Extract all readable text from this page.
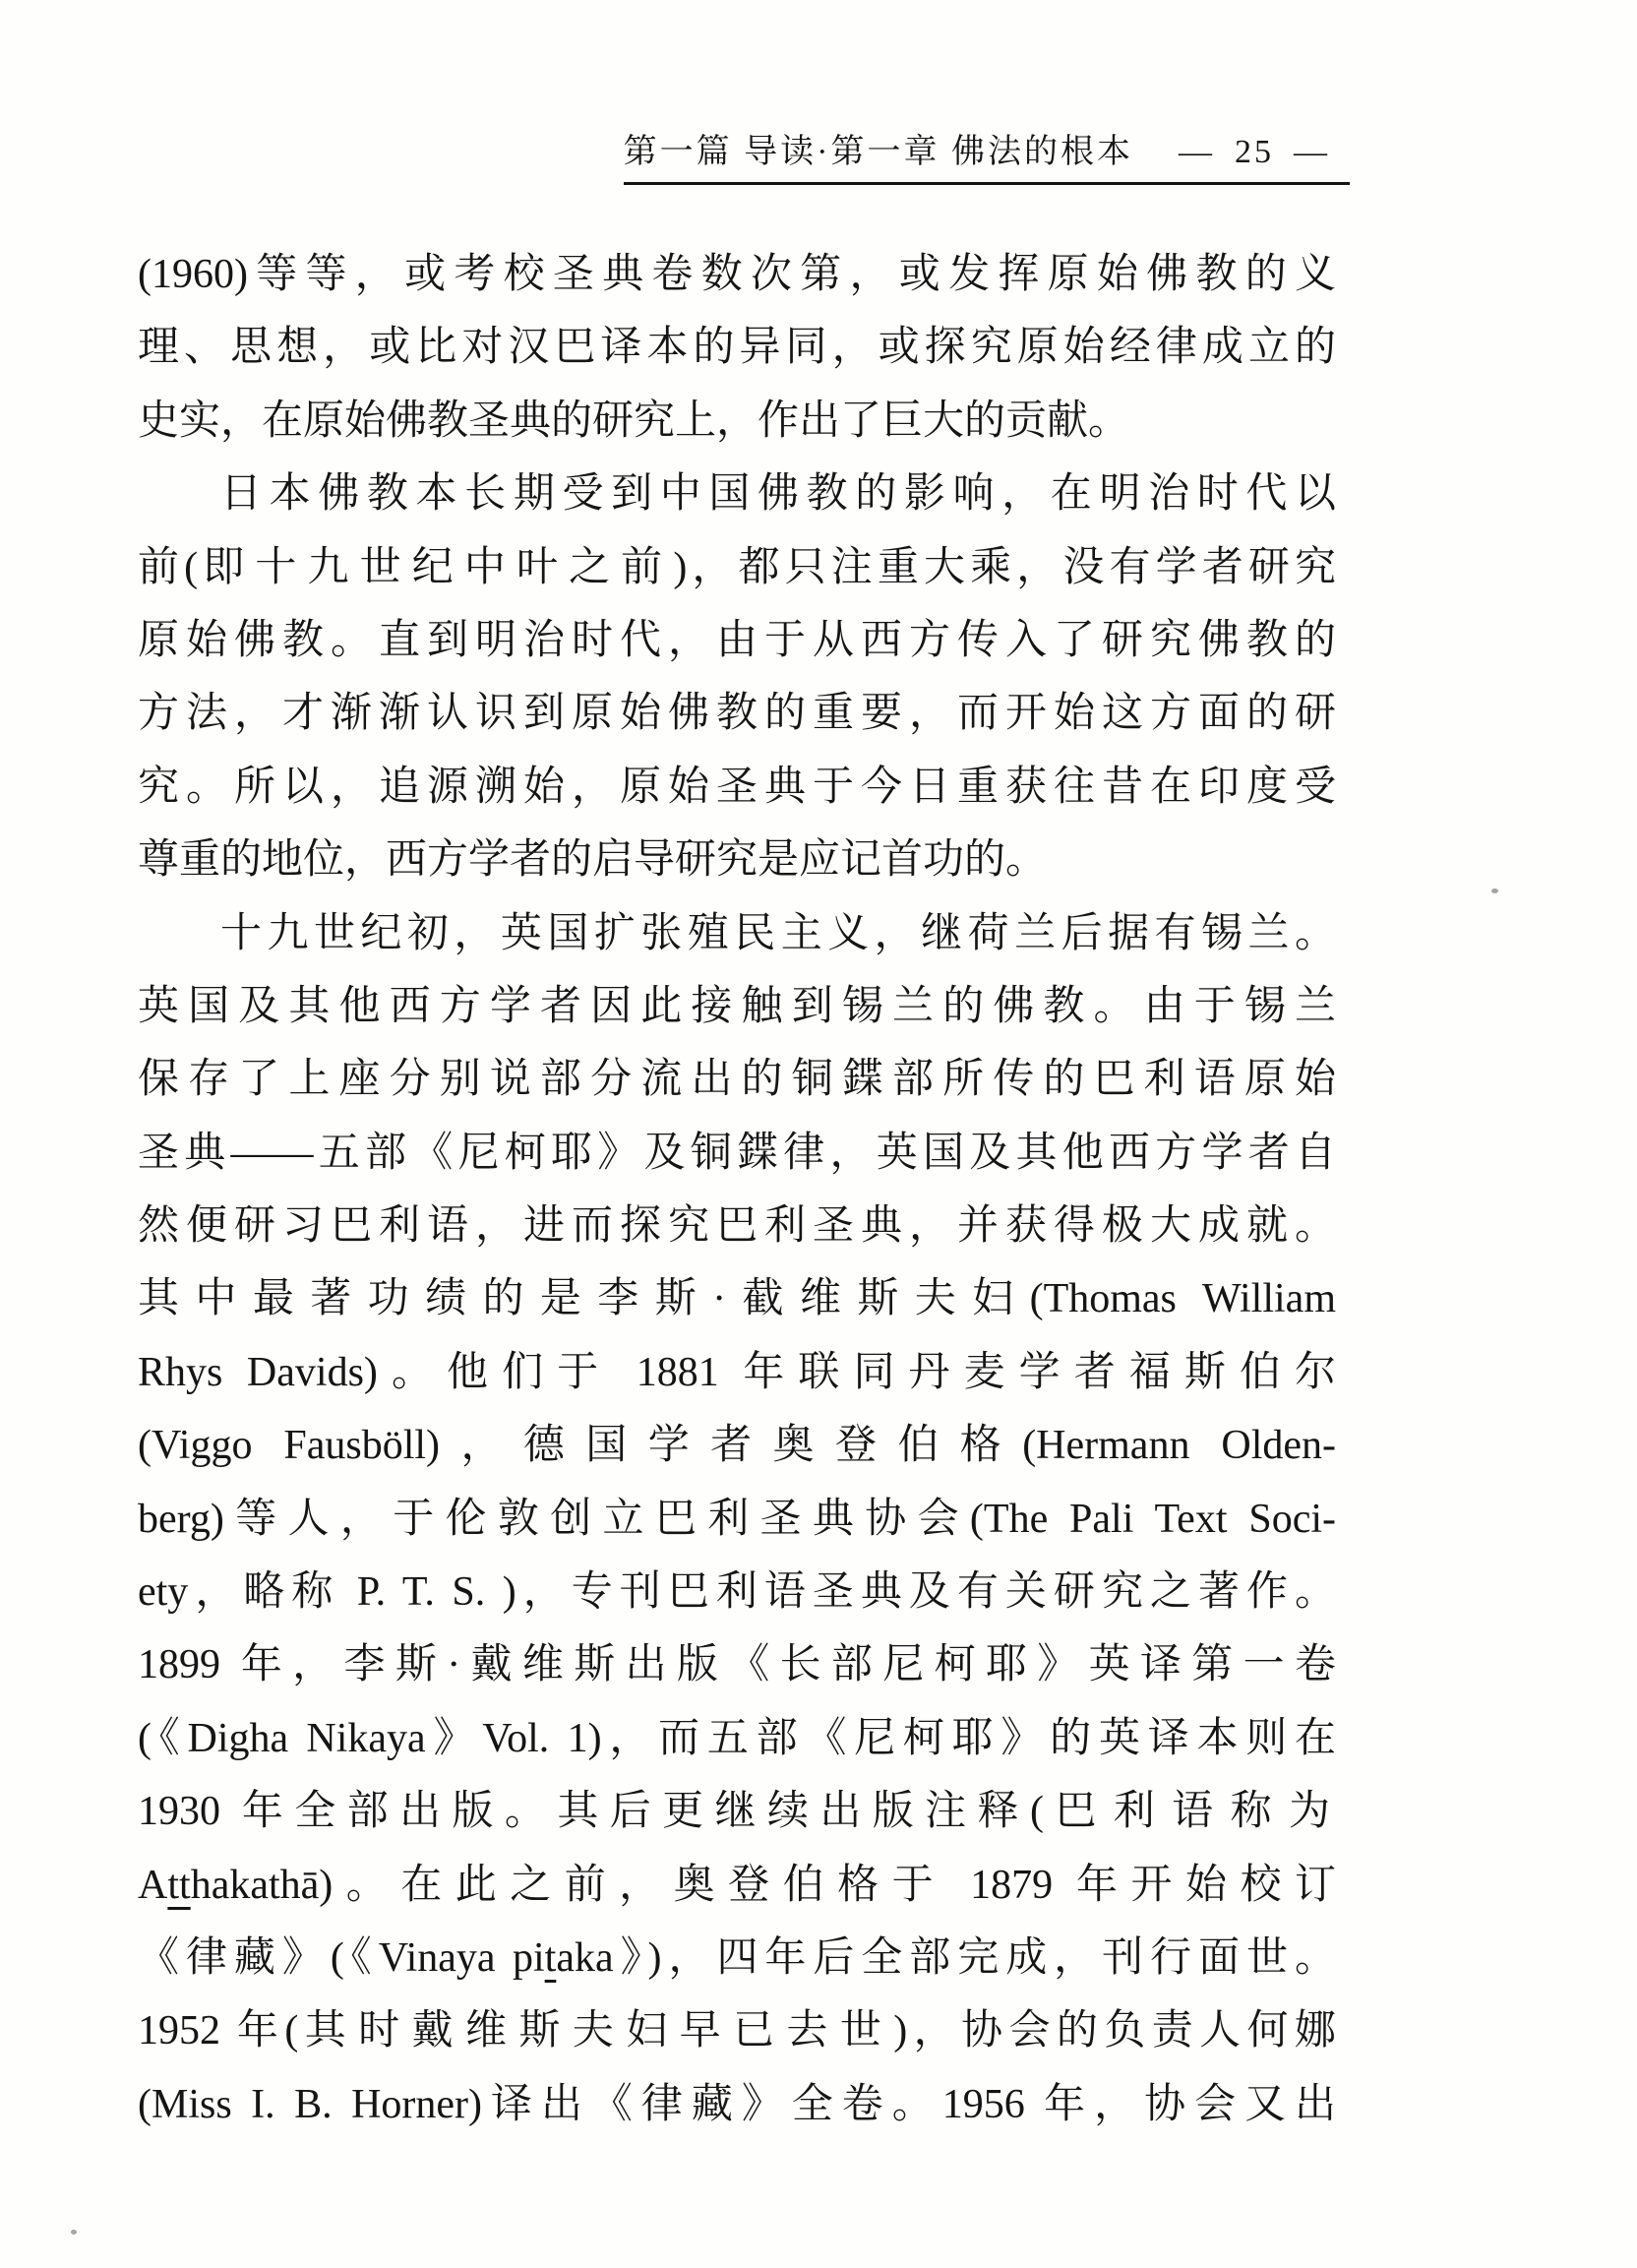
第一篇 导读·第一章 佛法的根本 — 25 —
(1960)等等，或考校圣典卷数次第，或发挥原始佛教的义
理、思想，或比对汉巴译本的异同，或探究原始经律成立的
史实，在原始佛教圣典的研究上，作出了巨大的贡献。
日本佛教本长期受到中国佛教的影响，在明治时代以
前(即十九世纪中叶之前)，都只注重大乘，没有学者研究
原始佛教。直到明治时代，由于从西方传入了研究佛教的
方法，才渐渐认识到原始佛教的重要，而开始这方面的研
究。所以，追源溯始，原始圣典于今日重获往昔在印度受
尊重的地位，西方学者的启导研究是应记首功的。
十九世纪初，英国扩张殖民主义，继荷兰后据有锡兰。
英国及其他西方学者因此接触到锡兰的佛教。由于锡兰
保存了上座分别说部分流出的铜鍱部所传的巴利语原始
圣典——五部《尼柯耶》及铜鍱律，英国及其他西方学者自
然便研习巴利语，进而探究巴利圣典，并获得极大成就。
其中最著功绩的是李斯·截维斯夫妇(Thomas William
Rhys Davids)。他们于 1881 年联同丹麦学者福斯伯尔
(Viggo Fausböll)，德国学者奥登伯格(Hermann Olden-
berg)等人，于伦敦创立巴利圣典协会(The Pali Text Soci-
ety，略称 P. T. S. )，专刊巴利语圣典及有关研究之著作。
1899 年，李斯·戴维斯出版《长部尼柯耶》英译第一卷
(《Digha Nikaya》Vol. 1)，而五部《尼柯耶》的英译本则在
1930 年全部出版。其后更继续出版注释(巴利语称为
Atthakathā)。在此之前，奥登伯格于 1879 年开始校订
《律藏》(《Vinaya pitaka》)，四年后全部完成，刊行面世。
1952 年(其时戴维斯夫妇早已去世)，协会的负责人何娜
(Miss I. B. Horner)译出《律藏》全卷。1956 年，协会又出
